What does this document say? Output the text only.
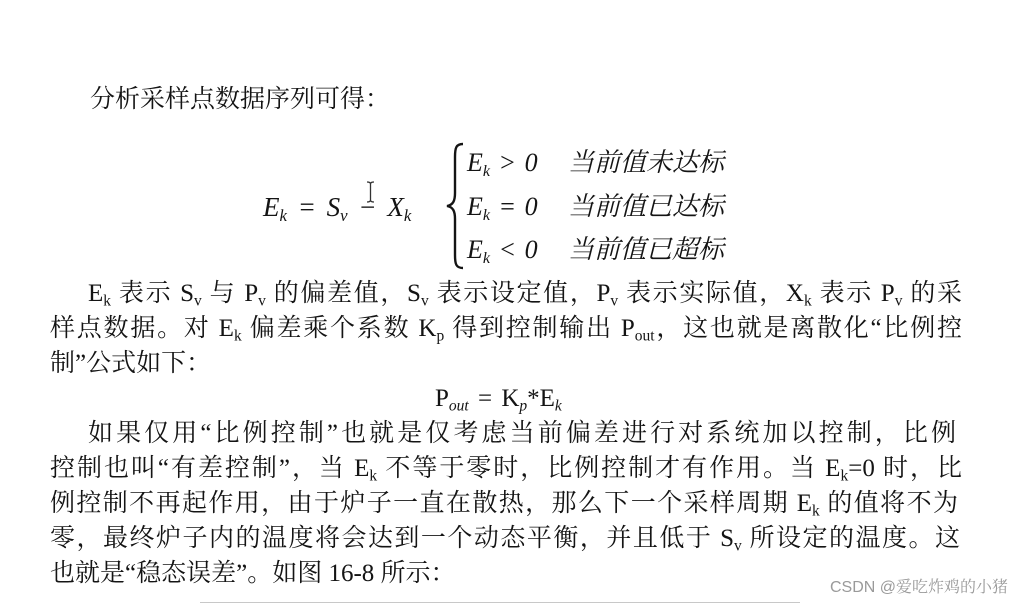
分析采样点数据序列可得：
$E_k = S_v - X_k$
$E_k > 0$ 当前值未达标
$E_k = 0$ 当前值已达标
$E_k < 0$ 当前值已超标
$E_k$ 表示 $S_v$ 与 $P_v$ 的偏差值，$S_v$ 表示设定值，$P_v$ 表示实际值，$X_k$ 表示 $P_v$ 的采
样点数据。对 $E_k$ 偏差乘个系数 $K_p$ 得到控制输出 $P_{out}$，这也就是离散化“比例控
制”公式如下：
$P_{out} = K_p*E_k$
如果仅用“比例控制”也就是仅考虑当前偏差进行对系统加以控制，比例
控制也叫“有差控制”，当 $E_k$ 不等于零时，比例控制才有作用。当 $E_k=0$ 时，比
例控制不再起作用，由于炉子一直在散热，那么下一个采样周期 $E_k$ 的值将不为
零，最终炉子内的温度将会达到一个动态平衡，并且低于 $S_v$ 所设定的温度。这
也就是“稳态误差”。如图 16-8 所示：
CSDN @爱吃炸鸡的小猪
